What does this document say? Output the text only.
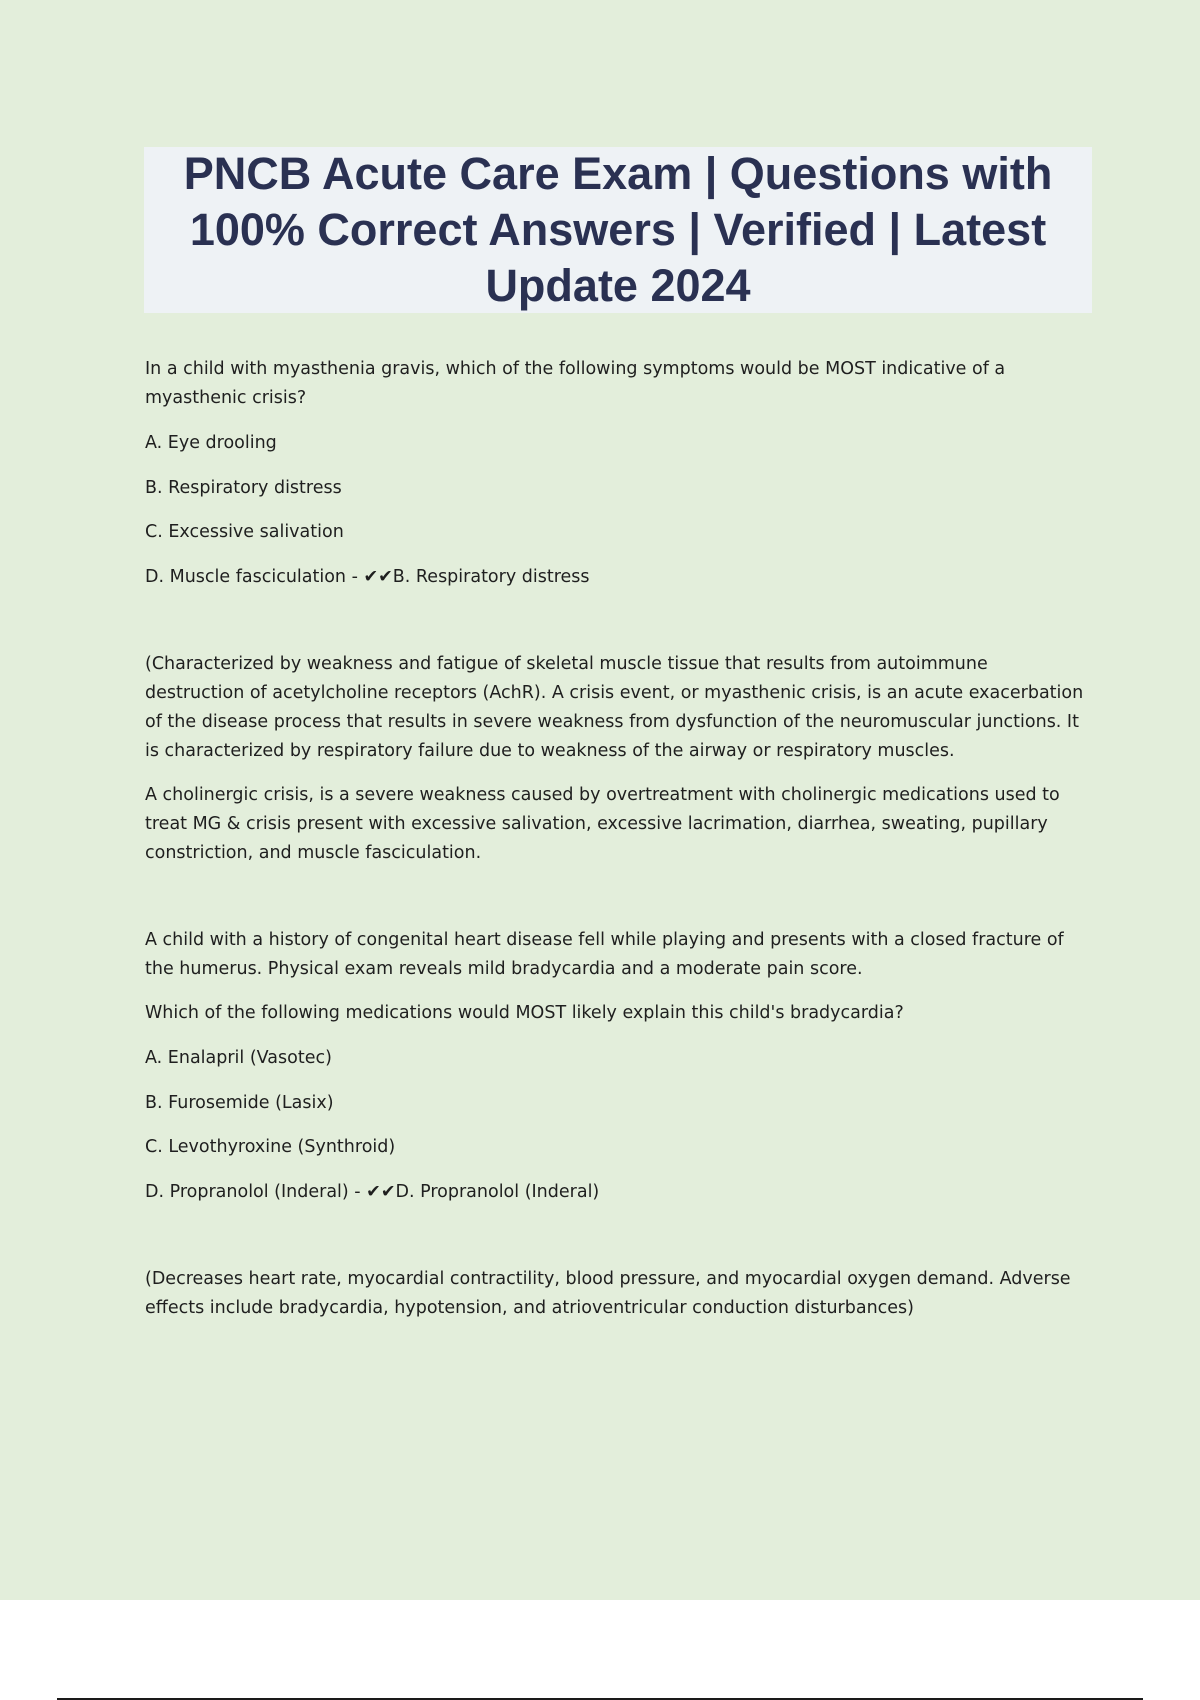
PNCB Acute Care Exam | Questions with 100% Correct Answers | Verified | Latest Update 2024

In a child with myasthenia gravis, which of the following symptoms would be MOST indicative of a myasthenic crisis?

A. Eye drooling

B. Respiratory distress

C. Excessive salivation

D. Muscle fasciculation - ✔✔B. Respiratory distress

(Characterized by weakness and fatigue of skeletal muscle tissue that results from autoimmune destruction of acetylcholine receptors (AchR). A crisis event, or myasthenic crisis, is an acute exacerbation of the disease process that results in severe weakness from dysfunction of the neuromuscular junctions. It is characterized by respiratory failure due to weakness of the airway or respiratory muscles.

A cholinergic crisis, is a severe weakness caused by overtreatment with cholinergic medications used to treat MG & crisis present with excessive salivation, excessive lacrimation, diarrhea, sweating, pupillary constriction, and muscle fasciculation.

A child with a history of congenital heart disease fell while playing and presents with a closed fracture of the humerus. Physical exam reveals mild bradycardia and a moderate pain score.

Which of the following medications would MOST likely explain this child's bradycardia?

A. Enalapril (Vasotec)

B. Furosemide (Lasix)

C. Levothyroxine (Synthroid)

D. Propranolol (Inderal) - ✔✔D. Propranolol (Inderal)

(Decreases heart rate, myocardial contractility, blood pressure, and myocardial oxygen demand. Adverse effects include bradycardia, hypotension, and atrioventricular conduction disturbances)
